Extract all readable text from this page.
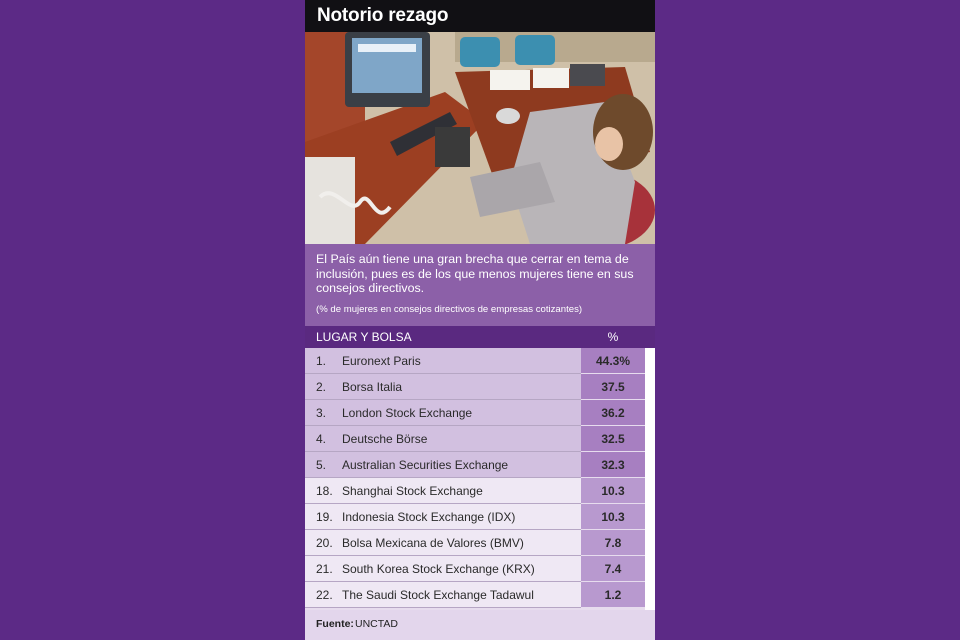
Notorio rezago
El País aún tiene una gran brecha que cerrar en tema de inclusión, pues es de los que menos mujeres tiene en sus consejos directivos.
(% de mujeres en consejos directivos de empresas cotizantes)
LUGAR Y BOLSA	%
1. Euronext Paris	44.3%
2. Borsa Italia	37.5
3. London Stock Exchange	36.2
4. Deutsche Börse	32.5
5. Australian Securities Exchange	32.3
18. Shanghai Stock Exchange	10.3
19. Indonesia Stock Exchange (IDX)	10.3
20. Bolsa Mexicana de Valores (BMV)	7.8
21. South Korea Stock Exchange (KRX)	7.4
22. The Saudi Stock Exchange Tadawul	1.2
Fuente: UNCTAD
